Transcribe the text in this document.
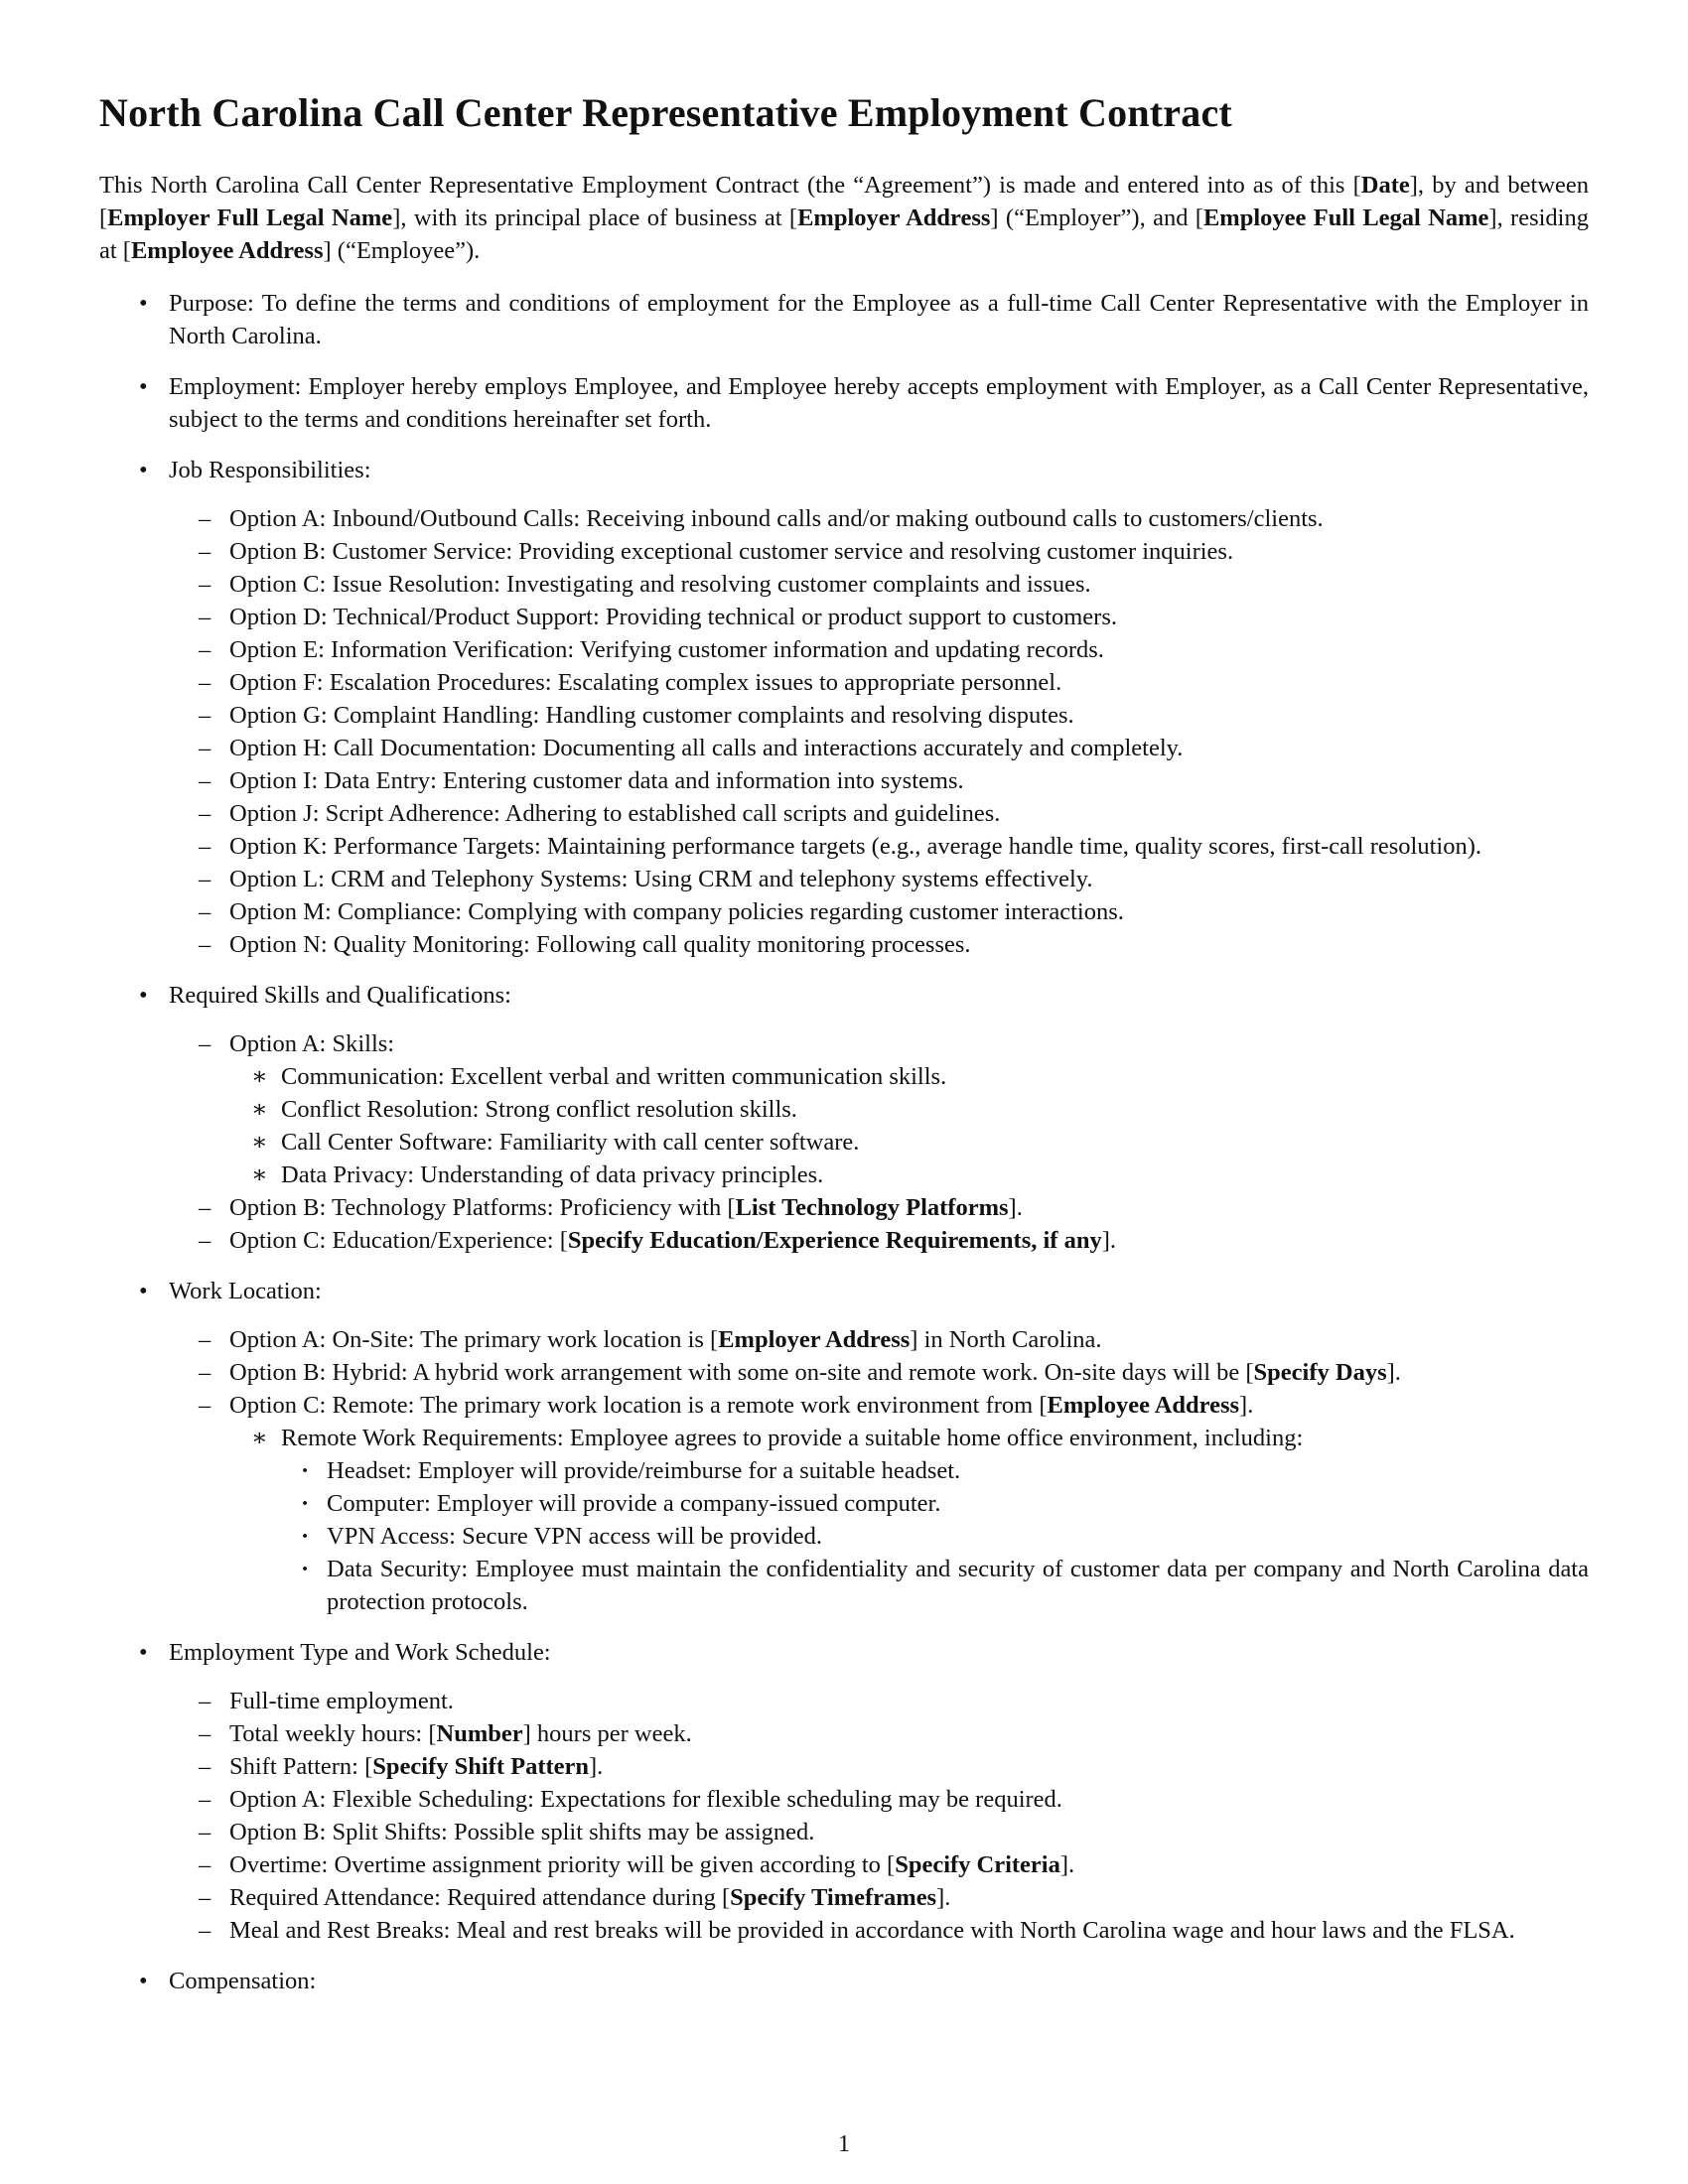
North Carolina Call Center Representative Employment Contract

This North Carolina Call Center Representative Employment Contract (the “Agreement”) is made and entered into as of this [Date], by and between [Employer Full Legal Name], with its principal place of business at [Employer Address] (“Employer”), and [Employee Full Legal Name], residing at [Employee Address] (“Employee”).

• Purpose: To define the terms and conditions of employment for the Employee as a full-time Call Center Representative with the Employer in North Carolina.
• Employment: Employer hereby employs Employee, and Employee hereby accepts employment with Employer, as a Call Center Representative, subject to the terms and conditions hereinafter set forth.
• Job Responsibilities:
– Option A: Inbound/Outbound Calls: Receiving inbound calls and/or making outbound calls to customers/clients.
– Option B: Customer Service: Providing exceptional customer service and resolving customer inquiries.
– Option C: Issue Resolution: Investigating and resolving customer complaints and issues.
– Option D: Technical/Product Support: Providing technical or product support to customers.
– Option E: Information Verification: Verifying customer information and updating records.
– Option F: Escalation Procedures: Escalating complex issues to appropriate personnel.
– Option G: Complaint Handling: Handling customer complaints and resolving disputes.
– Option H: Call Documentation: Documenting all calls and interactions accurately and completely.
– Option I: Data Entry: Entering customer data and information into systems.
– Option J: Script Adherence: Adhering to established call scripts and guidelines.
– Option K: Performance Targets: Maintaining performance targets (e.g., average handle time, quality scores, first-call resolution).
– Option L: CRM and Telephony Systems: Using CRM and telephony systems effectively.
– Option M: Compliance: Complying with company policies regarding customer interactions.
– Option N: Quality Monitoring: Following call quality monitoring processes.
• Required Skills and Qualifications:
– Option A: Skills:
∗ Communication: Excellent verbal and written communication skills.
∗ Conflict Resolution: Strong conflict resolution skills.
∗ Call Center Software: Familiarity with call center software.
∗ Data Privacy: Understanding of data privacy principles.
– Option B: Technology Platforms: Proficiency with [List Technology Platforms].
– Option C: Education/Experience: [Specify Education/Experience Requirements, if any].
• Work Location:
– Option A: On-Site: The primary work location is [Employer Address] in North Carolina.
– Option B: Hybrid: A hybrid work arrangement with some on-site and remote work. On-site days will be [Specify Days].
– Option C: Remote: The primary work location is a remote work environment from [Employee Address].
∗ Remote Work Requirements: Employee agrees to provide a suitable home office environment, including:
· Headset: Employer will provide/reimburse for a suitable headset.
· Computer: Employer will provide a company-issued computer.
· VPN Access: Secure VPN access will be provided.
· Data Security: Employee must maintain the confidentiality and security of customer data per company and North Carolina data protection protocols.
• Employment Type and Work Schedule:
– Full-time employment.
– Total weekly hours: [Number] hours per week.
– Shift Pattern: [Specify Shift Pattern].
– Option A: Flexible Scheduling: Expectations for flexible scheduling may be required.
– Option B: Split Shifts: Possible split shifts may be assigned.
– Overtime: Overtime assignment priority will be given according to [Specify Criteria].
– Required Attendance: Required attendance during [Specify Timeframes].
– Meal and Rest Breaks: Meal and rest breaks will be provided in accordance with North Carolina wage and hour laws and the FLSA.
• Compensation:
1
